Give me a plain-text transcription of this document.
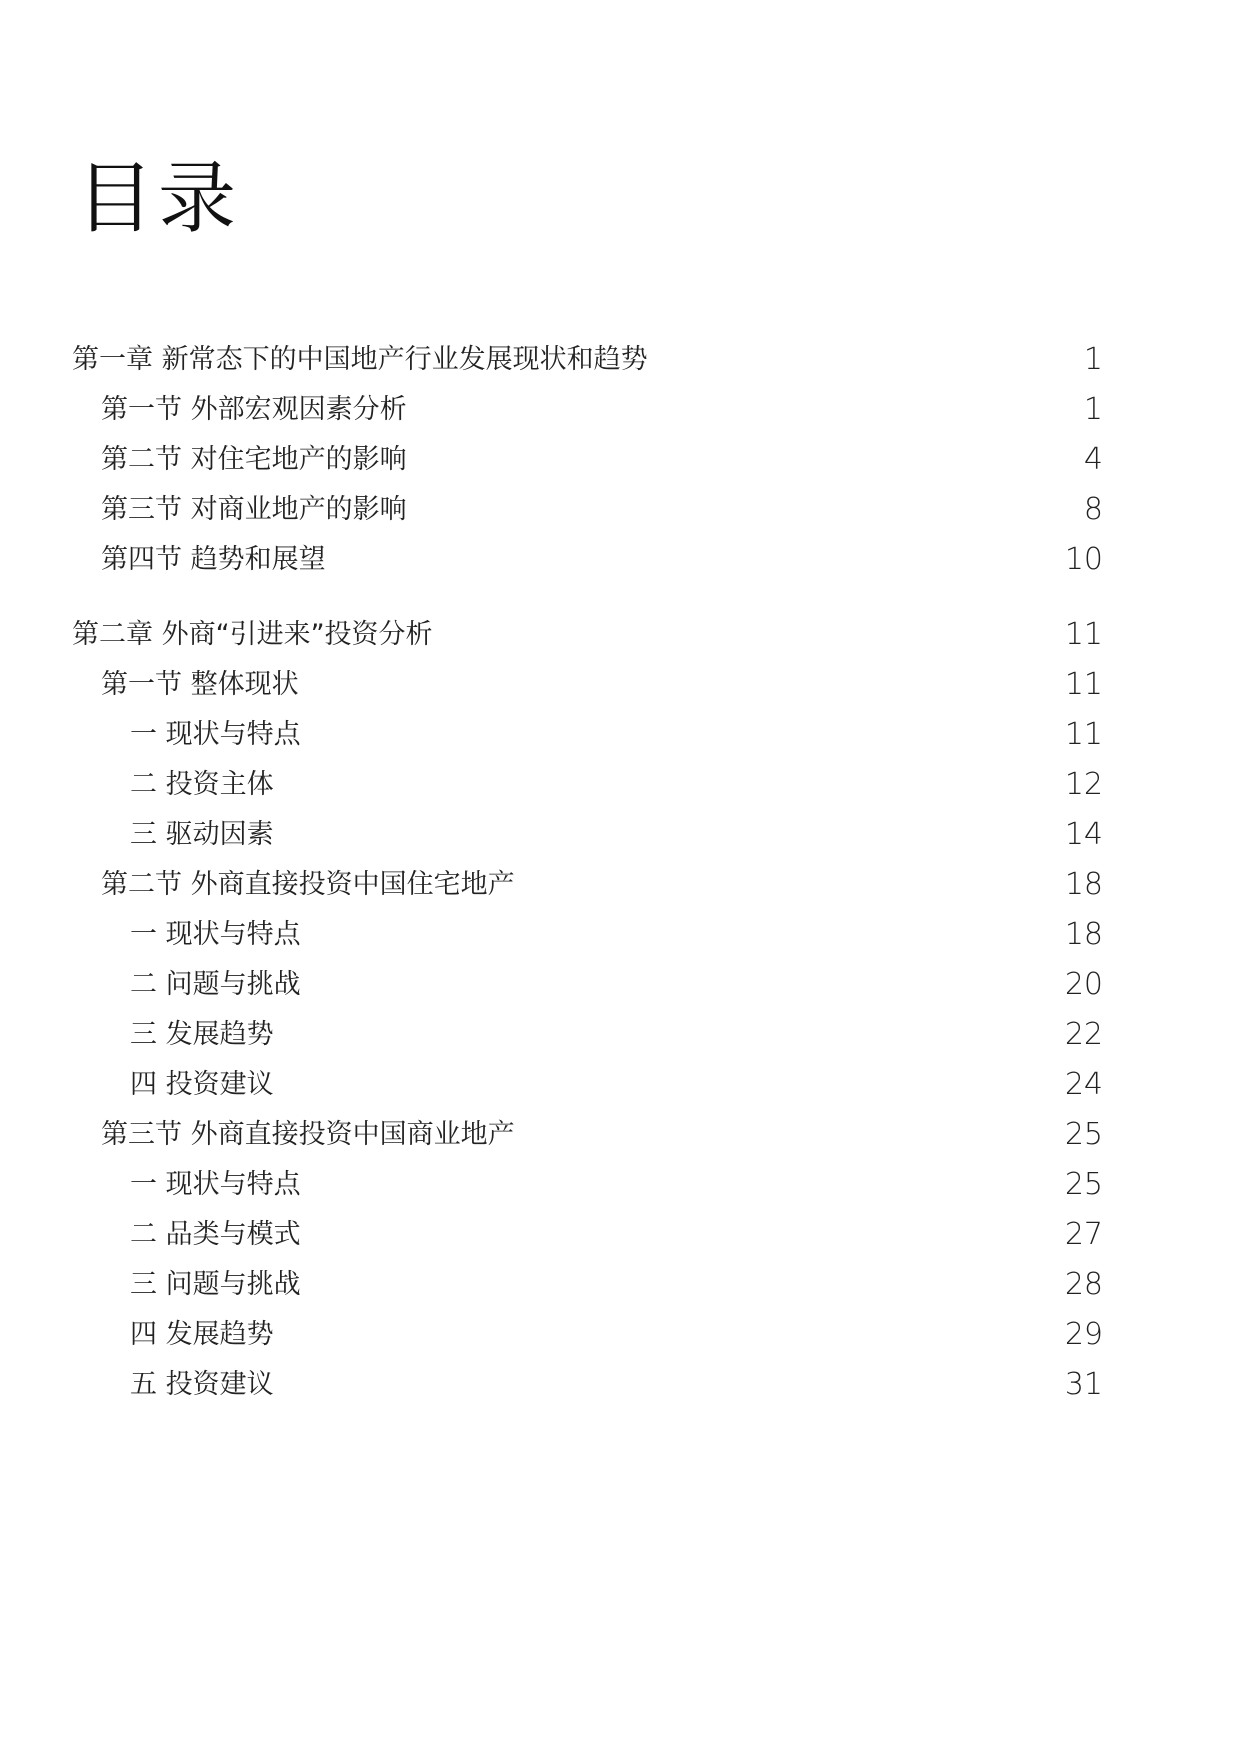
目录
第一章 新常态下的中国地产行业发展现状和趋势	1
第一节 外部宏观因素分析	1
第二节 对住宅地产的影响	4
第三节 对商业地产的影响	8
第四节 趋势和展望	10
第二章 外商“引进来”投资分析	11
第一节 整体现状	11
一 现状与特点	11
二 投资主体	12
三 驱动因素	14
第二节 外商直接投资中国住宅地产	18
一 现状与特点	18
二 问题与挑战	20
三 发展趋势	22
四 投资建议	24
第三节 外商直接投资中国商业地产	25
一 现状与特点	25
二 品类与模式	27
三 问题与挑战	28
四 发展趋势	29
五 投资建议	31
